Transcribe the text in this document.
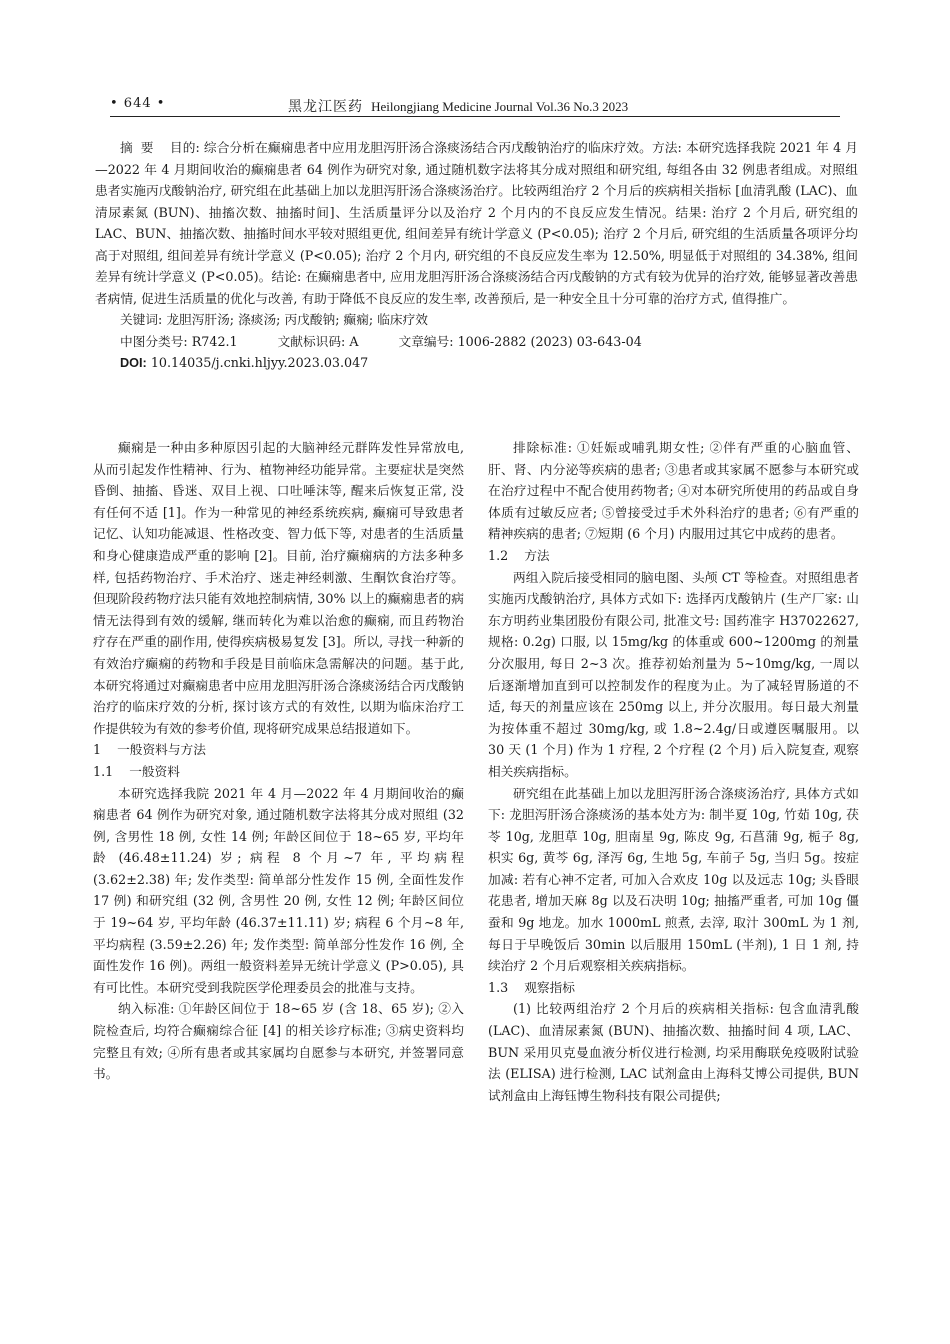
• 644 •	黑龙江医药 Heilongjiang Medicine Journal Vol.36 No.3 2023

摘要 目的: 综合分析在癫痫患者中应用龙胆泻肝汤合涤痰汤结合丙戊酸钠治疗的临床疗效。方法: 本研究选择我院 2021 年 4 月—2022 年 4 月期间收治的癫痫患者 64 例作为研究对象, 通过随机数字法将其分成对照组和研究组, 每组各由 32 例患者组成。对照组患者实施丙戊酸钠治疗, 研究组在此基础上加以龙胆泻肝汤合涤痰汤治疗。比较两组治疗 2 个月后的疾病相关指标 [血清乳酸 (LAC)、血清尿素氮 (BUN)、抽搐次数、抽搐时间]、生活质量评分以及治疗 2 个月内的不良反应发生情况。结果: 治疗 2 个月后, 研究组的 LAC、BUN、抽搐次数、抽搐时间水平较对照组更优, 组间差异有统计学意义 (P<0.05); 治疗 2 个月后, 研究组的生活质量各项评分均高于对照组, 组间差异有统计学意义 (P<0.05); 治疗 2 个月内, 研究组的不良反应发生率为 12.50%, 明显低于对照组的 34.38%, 组间差异有统计学意义 (P<0.05)。结论: 在癫痫患者中, 应用龙胆泻肝汤合涤痰汤结合丙戊酸钠的方式有较为优异的治疗效, 能够显著改善患者病情, 促进生活质量的优化与改善, 有助于降低不良反应的发生率, 改善预后, 是一种安全且十分可靠的治疗方式, 值得推广。

关键词: 龙胆泻肝汤; 涤痰汤; 丙戊酸钠; 癫痫; 临床疗效

中图分类号: R742.1	文献标识码: A	文章编号: 1006-2882 (2023) 03-643-04

DOI: 10.14035/j.cnki.hljyy.2023.03.047

癫痫是一种由多种原因引起的大脑神经元群阵发性异常放电, 从而引起发作性精神、行为、植物神经功能异常。主要症状是突然昏倒、抽搐、昏迷、双目上视、口吐唾沫等, 醒来后恢复正常, 没有任何不适 [1]。作为一种常见的神经系统疾病, 癫痫可导致患者记忆、认知功能减退、性格改变、智力低下等, 对患者的生活质量和身心健康造成严重的影响 [2]。目前, 治疗癫痫病的方法多种多样, 包括药物治疗、手术治疗、迷走神经刺激、生酮饮食治疗等。但现阶段药物疗法只能有效地控制病情, 30% 以上的癫痫患者的病情无法得到有效的缓解, 继而转化为难以治愈的癫痫, 而且药物治疗存在严重的副作用, 使得疾病极易复发 [3]。所以, 寻找一种新的有效治疗癫痫的药物和手段是目前临床急需解决的问题。基于此, 本研究将通过对癫痫患者中应用龙胆泻肝汤合涤痰汤结合丙戊酸钠治疗的临床疗效的分析, 探讨该方式的有效性, 以期为临床治疗工作提供较为有效的参考价值, 现将研究成果总结报道如下。

1 一般资料与方法

1.1 一般资料

本研究选择我院 2021 年 4 月—2022 年 4 月期间收治的癫痫患者 64 例作为研究对象, 通过随机数字法将其分成对照组 (32 例, 含男性 18 例, 女性 14 例; 年龄区间位于 18~65 岁, 平均年龄 (46.48±11.24) 岁; 病程 8 个月~7 年, 平均病程 (3.62±2.38) 年; 发作类型: 简单部分性发作 15 例, 全面性发作 17 例) 和研究组 (32 例, 含男性 20 例, 女性 12 例; 年龄区间位于 19~64 岁, 平均年龄 (46.37±11.11) 岁; 病程 6 个月~8 年, 平均病程 (3.59±2.26) 年; 发作类型: 简单部分性发作 16 例, 全面性发作 16 例)。两组一般资料差异无统计学意义 (P>0.05), 具有可比性。本研究受到我院医学伦理委员会的批准与支持。

纳入标准: ①年龄区间位于 18~65 岁 (含 18、65 岁); ②入院检查后, 均符合癫痫综合征 [4] 的相关诊疗标准; ③病史资料均完整且有效; ④所有患者或其家属均自愿参与本研究, 并签署同意书。

排除标准: ①妊娠或哺乳期女性; ②伴有严重的心脑血管、肝、肾、内分泌等疾病的患者; ③患者或其家属不愿参与本研究或在治疗过程中不配合使用药物者; ④对本研究所使用的药品或自身体质有过敏反应者; ⑤曾接受过手术外科治疗的患者; ⑥有严重的精神疾病的患者; ⑦短期 (6 个月) 内服用过其它中成药的患者。

1.2 方法

两组入院后接受相同的脑电图、头颅 CT 等检查。对照组患者实施丙戊酸钠治疗, 具体方式如下: 选择丙戊酸钠片 (生产厂家: 山东方明药业集团股份有限公司, 批准文号: 国药准字 H37022627, 规格: 0.2g) 口服, 以 15mg/kg 的体重或 600~1200mg 的剂量分次服用, 每日 2~3 次。推荐初始剂量为 5~10mg/kg, 一周以后逐渐增加直到可以控制发作的程度为止。为了减轻胃肠道的不适, 每天的剂量应该在 250mg 以上, 并分次服用。每日最大剂量为按体重不超过 30mg/kg, 或 1.8~2.4g/日或遵医嘱服用。以 30 天 (1 个月) 作为 1 疗程, 2 个疗程 (2 个月) 后入院复查, 观察相关疾病指标。

研究组在此基础上加以龙胆泻肝汤合涤痰汤治疗, 具体方式如下: 龙胆泻肝汤合涤痰汤的基本处方为: 制半夏 10g, 竹茹 10g, 茯苓 10g, 龙胆草 10g, 胆南星 9g, 陈皮 9g, 石菖蒲 9g, 栀子 8g, 枳实 6g, 黄芩 6g, 泽泻 6g, 生地 5g, 车前子 5g, 当归 5g。按症加减: 若有心神不定者, 可加入合欢皮 10g 以及远志 10g; 头昏眼花患者, 增加天麻 8g 以及石决明 10g; 抽搐严重者, 可加 10g 僵蚕和 9g 地龙。加水 1000mL 煎煮, 去滓, 取汁 300mL 为 1 剂, 每日于早晚饭后 30min 以后服用 150mL (半剂), 1 日 1 剂, 持续治疗 2 个月后观察相关疾病指标。

1.3 观察指标

(1) 比较两组治疗 2 个月后的疾病相关指标: 包含血清乳酸 (LAC)、血清尿素氮 (BUN)、抽搐次数、抽搐时间 4 项, LAC、BUN 采用贝克曼血液分析仪进行检测, 均采用酶联免疫吸附试验法 (ELISA) 进行检测, LAC 试剂盒由上海科艾博公司提供, BUN 试剂盒由上海钰博生物科技有限公司提供;
